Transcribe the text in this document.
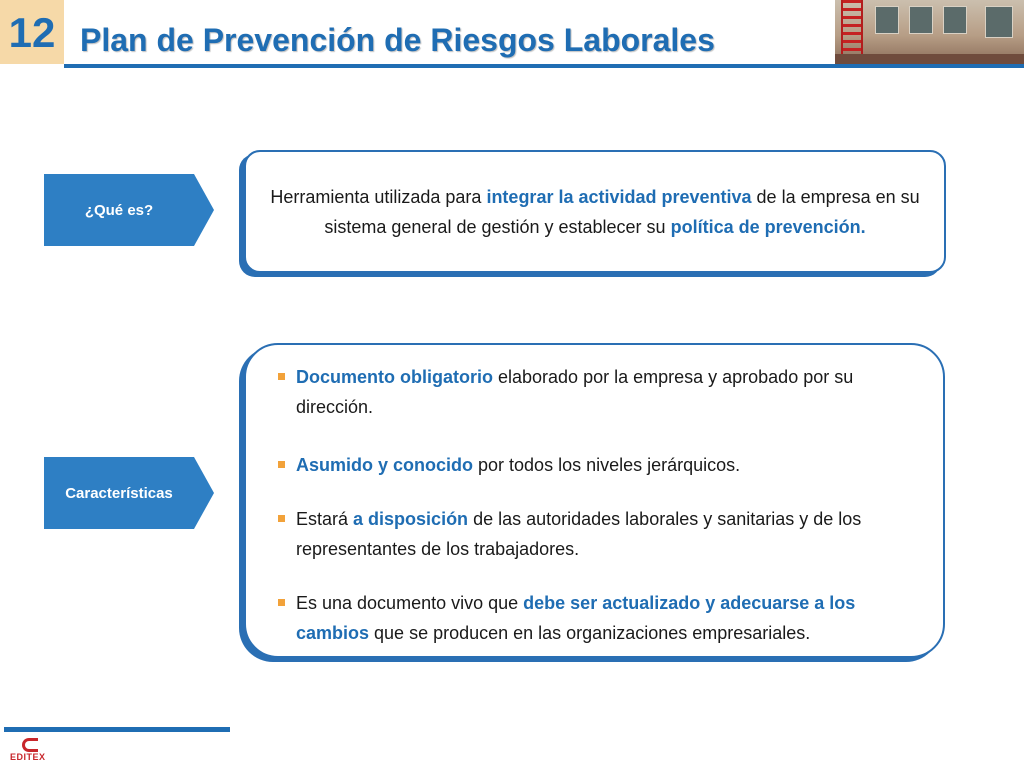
12 Plan de Prevención de Riesgos Laborales
¿Qué es?
Herramienta utilizada para integrar la actividad preventiva de la empresa en su sistema general de gestión y establecer su política de prevención.
Características
Documento obligatorio elaborado por la empresa y aprobado por su dirección.
Asumido y conocido por todos los niveles jerárquicos.
Estará a disposición de las autoridades laborales y sanitarias y de los representantes de los trabajadores.
Es una documento vivo que debe ser actualizado y adecuarse a los cambios que se producen en las organizaciones empresariales.
EDITEX
